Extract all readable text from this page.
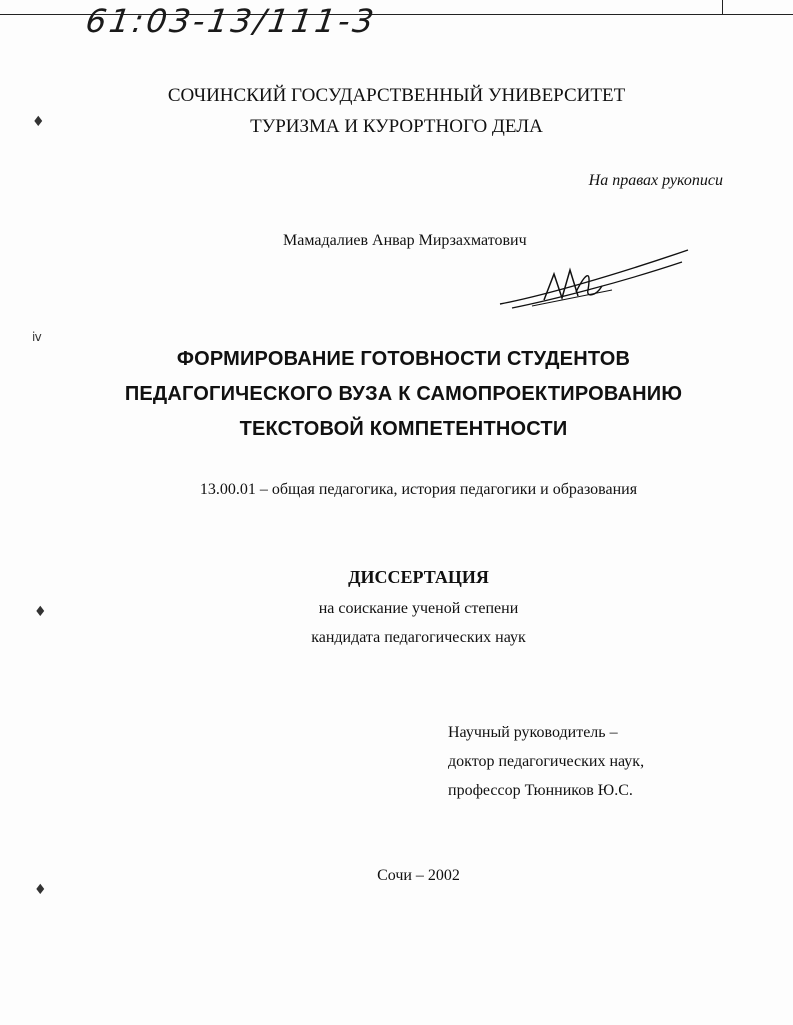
61:03-13/111-3
♦
ⅳ
♦
♦
СОЧИНСКИЙ ГОСУДАРСТВЕННЫЙ УНИВЕРСИТЕТ
ТУРИЗМА И КУРОРТНОГО ДЕЛА
На правах рукописи
Мамадалиев Анвар Мирзахматович
ФОРМИРОВАНИЕ ГОТОВНОСТИ СТУДЕНТОВ
ПЕДАГОГИЧЕСКОГО ВУЗА К САМОПРОЕКТИРОВАНИЮ
ТЕКСТОВОЙ КОМПЕТЕНТНОСТИ
13.00.01 – общая педагогика, история педагогики и образования
ДИССЕРТАЦИЯ
на соискание ученой степени
кандидата педагогических наук
Научный руководитель –
доктор педагогических наук,
профессор Тюнников Ю.С.
Сочи – 2002
